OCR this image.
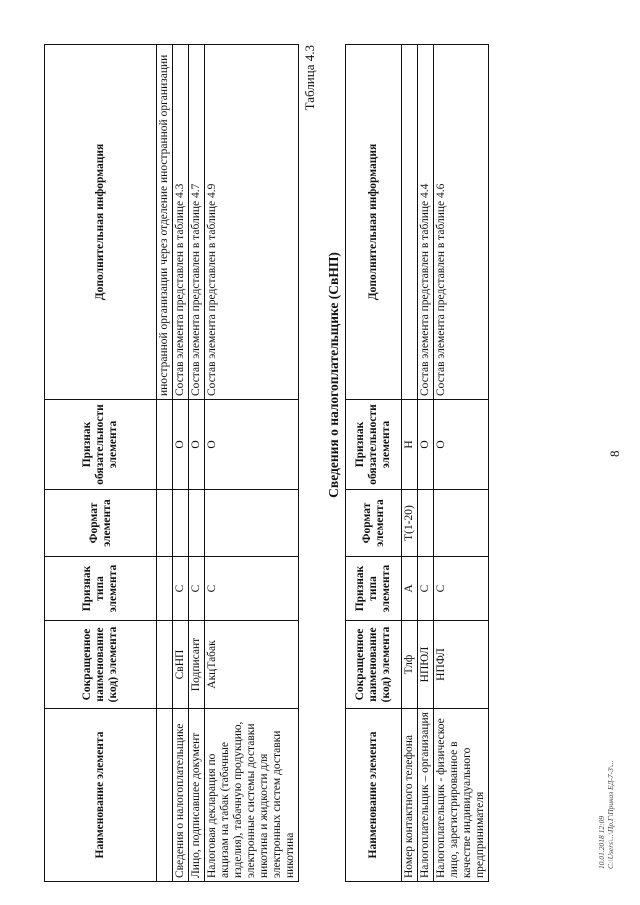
Наименование элемента	Сокращенное наименование (код) элемента	Признак типа элемента	Формат элемента	Признак обязательности элемента	Дополнительная информация
					иностранной организации через отделение иностранной организации
Сведения о налогоплательщике	СвНП	С		О	Состав элемента представлен в таблице 4.3
Лицо, подписавшее документ	Подписант	С		О	Состав элемента представлен в таблице 4.7
Налоговая декларация по акцизам на табак (табачные изделия), табачную продукцию, электронные системы доставки никотина и жидкости для электронных систем доставки никотина	АкцТабак	С		О	Состав элемента представлен в таблице 4.9
Таблица 4.3
Сведения о налогоплательщике (СвНП)
Наименование элемента	Сокращенное наименование (код) элемента	Признак типа элемента	Формат элемента	Признак обязательности элемента	Дополнительная информация
Номер контактного телефона	Тлф	А	T(1-20)	Н	
Налогоплательщик – организация	НПЮЛ	С		О	Состав элемента представлен в таблице 4.4
Налогоплательщик - физическое лицо, зарегистрированное в качестве индивидуального предпринимателя	НПФЛ	С		О	Состав элемента представлен в таблице 4.6
8
10.01.2018 12:09 C:\Users\...\Пр.Г\Приказ ЕД-7-3\...
